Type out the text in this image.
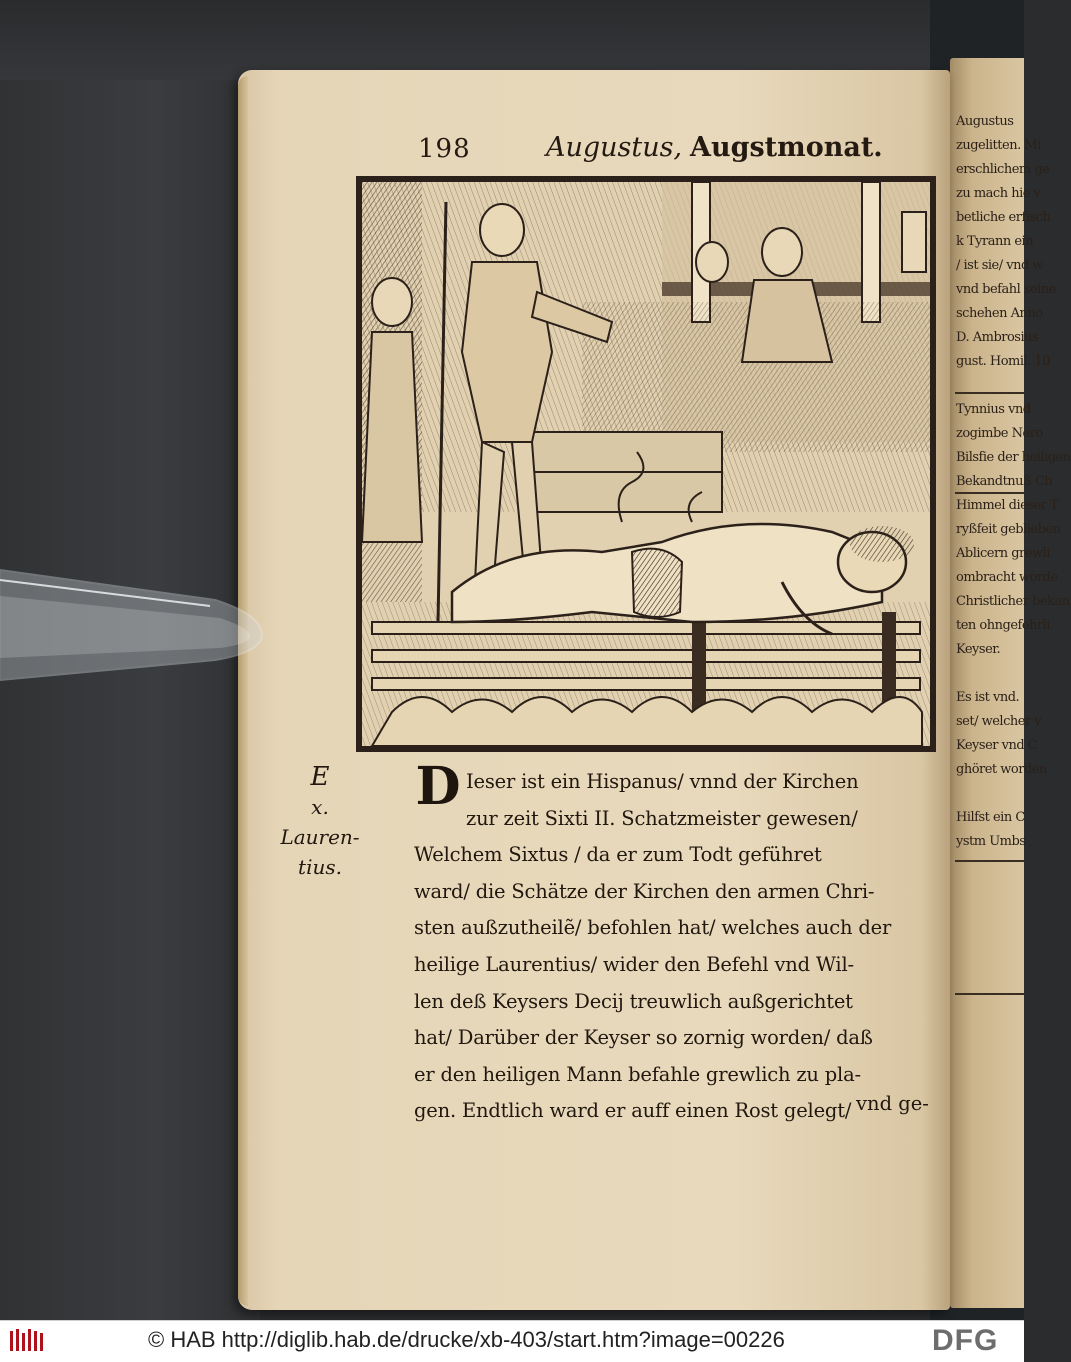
Augustus
zugelitten. Mi
erschlichem ge
zu mach hie v
betliche erfisch
k Tyrann ein
/ ist sie/ vnd w
vnd befahl seine
schehen Anno
D. Ambrosius
gust. Homil. 10

Tynnius vnd
zogimbe Nero
Bilsfie der heiligen
Bekandtnuß Ch
Himmel dieser T
ryßfeit geblieben
Ablicern grewli
ombracht worde
Christlicher bekan
ten ohngefehrli
Keyser.

Es ist vnd.
set/ welcher v
Keyser vnd C
ghöret worden

Hilfst ein C
ystm Umbs
198	Augustus, Augstmonat.
E
x.
Lauren-
tius.
D Ieser ist ein Hispanus/ vnnd der Kirchen
zur zeit Sixti II. Schatzmeister gewesen/
Welchem Sixtus / da er zum Todt geführet
ward/ die Schätze der Kirchen den armen Chri-
sten außzutheilẽ/ befohlen hat/ welches auch der
heilige Laurentius/ wider den Befehl vnd Wil-
len deß Keysers Decij treuwlich außgerichtet
hat/ Darüber der Keyser so zornig worden/ daß
er den heiligen Mann befahle grewlich zu pla-
gen. Endtlich ward er auff einen Rost gelegt/ vnd ge-
© HAB http://diglib.hab.de/drucke/xb-403/start.htm?image=00226	DFG
